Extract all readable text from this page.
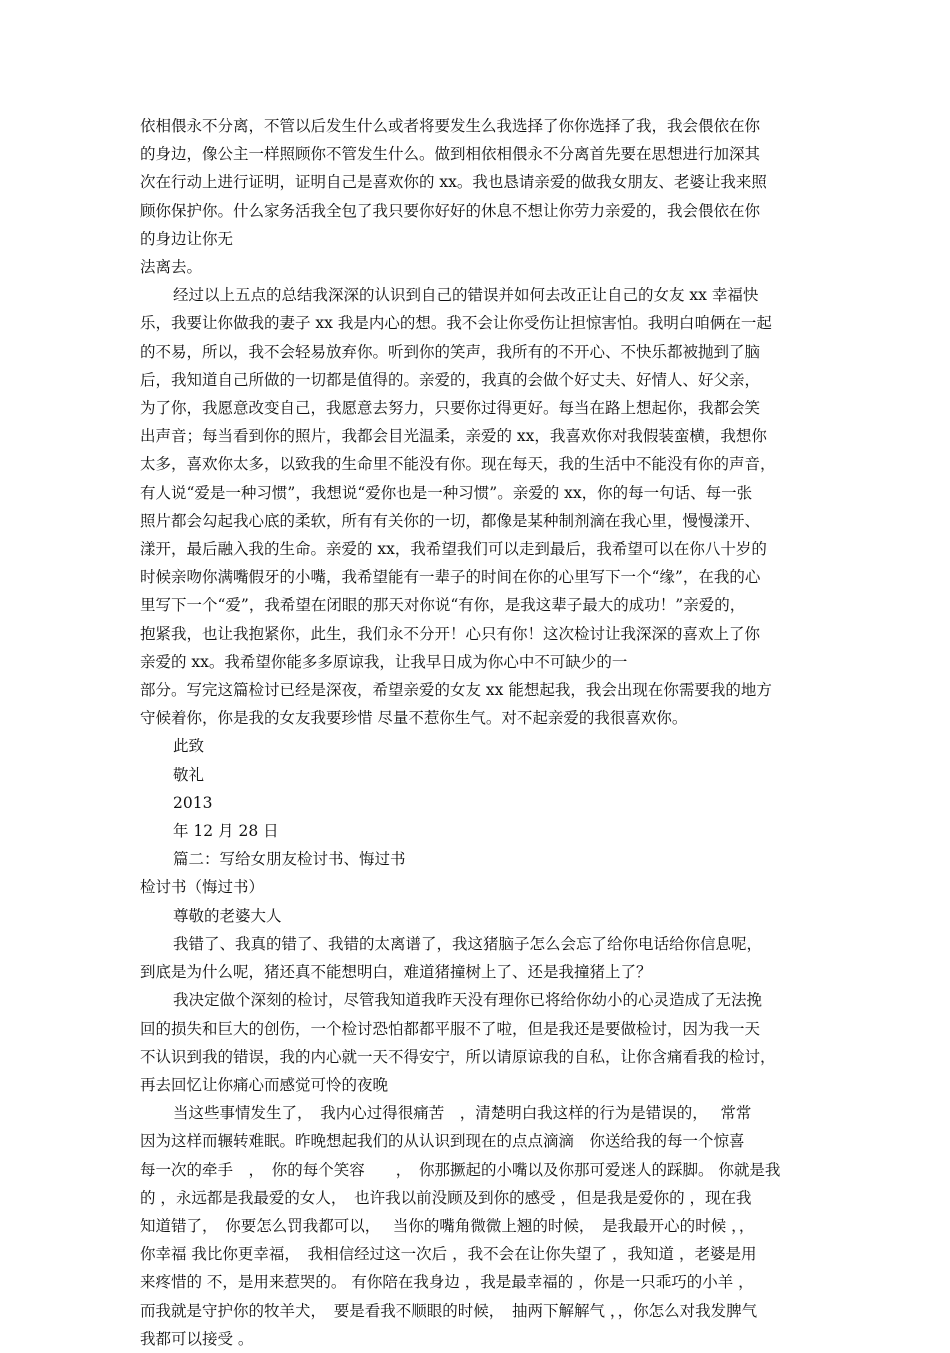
依相偎永不分离，不管以后发生什么或者将要发生么我选择了你你选择了我，我会偎依在你

的身边，像公主一样照顾你不管发生什么。做到相依相偎永不分离首先要在思想进行加深其

次在行动上进行证明，证明自己是喜欢你的 xx。我也恳请亲爱的做我女朋友、老婆让我来照

顾你保护你。什么家务活我全包了我只要你好好的休息不想让你劳力亲爱的，我会偎依在你

的身边让你无

法离去。

经过以上五点的总结我深深的认识到自己的错误并如何去改正让自己的女友 xx 幸福快

乐，我要让你做我的妻子 xx 我是内心的想。我不会让你受伤让担惊害怕。我明白咱俩在一起

的不易，所以，我不会轻易放弃你。听到你的笑声，我所有的不开心、不快乐都被抛到了脑

后，我知道自己所做的一切都是值得的。亲爱的，我真的会做个好丈夫、好情人、好父亲，

为了你，我愿意改变自己，我愿意去努力，只要你过得更好。每当在路上想起你，我都会笑

出声音；每当看到你的照片，我都会目光温柔，亲爱的 xx，我喜欢你对我假装蛮横，我想你

太多，喜欢你太多，以致我的生命里不能没有你。现在每天，我的生活中不能没有你的声音，

有人说“爱是一种习惯”，我想说“爱你也是一种习惯”。亲爱的 xx，你的每一句话、每一张

照片都会勾起我心底的柔软，所有有关你的一切，都像是某种制剂滴在我心里，慢慢漾开、

漾开，最后融入我的生命。亲爱的 xx，我希望我们可以走到最后，我希望可以在你八十岁的

时候亲吻你满嘴假牙的小嘴，我希望能有一辈子的时间在你的心里写下一个“缘”，在我的心

里写下一个“爱”，我希望在闭眼的那天对你说“有你，是我这辈子最大的成功！”亲爱的，

抱紧我，也让我抱紧你，此生，我们永不分开！心只有你！这次检讨让我深深的喜欢上了你

亲爱的 xx。我希望你能多多原谅我，让我早日成为你心中不可缺少的一

部分。写完这篇检讨已经是深夜，希望亲爱的女友 xx 能想起我，我会出现在你需要我的地方

守候着你，你是我的女友我要珍惜 尽量不惹你生气。对不起亲爱的我很喜欢你。

此致

敬礼

2013

年 12 月 28 日

篇二：写给女朋友检讨书、悔过书

检讨书（悔过书）

尊敬的老婆大人

我错了、我真的错了、我错的太离谱了，我这猪脑子怎么会忘了给你电话给你信息呢，

到底是为什么呢，猪还真不能想明白，难道猪撞树上了、还是我撞猪上了？

我决定做个深刻的检讨，尽管我知道我昨天没有理你已将给你幼小的心灵造成了无法挽

回的损失和巨大的创伤，一个检讨恐怕都都平服不了啦，但是我还是要做检讨，因为我一天

不认识到我的错误，我的内心就一天不得安宁，所以请原谅我的自私，让你含痛看我的检讨，

再去回忆让你痛心而感觉可怜的夜晚

当这些事情发生了，　我内心过得很痛苦　，清楚明白我这样的行为是错误的，　 常常

因为这样而辗转难眠。昨晚想起我们的从认识到现在的点点滴滴　你送给我的每一个惊喜

每一次的牵手　，　你的每个笑容　　，　你那撅起的小嘴以及你那可爱迷人的踩脚。 你就是我

的 ，永远都是我最爱的女人，　也许我以前没顾及到你的感受 ，但是我是爱你的 ，现在我

知道错了，　你要怎么罚我都可以，　 当你的嘴角微微上翘的时候，　是我最开心的时候 ，，

你幸福 我比你更幸福，　我相信经过这一次后 ，我不会在让你失望了 ，我知道 ，老婆是用

来疼惜的 不，是用来惹哭的。 有你陪在我身边 ，我是最幸福的 ，你是一只乖巧的小羊 ，

而我就是守护你的牧羊犬，　要是看我不顺眼的时候，　抽两下解解气 ，，你怎么对我发脾气

我都可以接受 。
